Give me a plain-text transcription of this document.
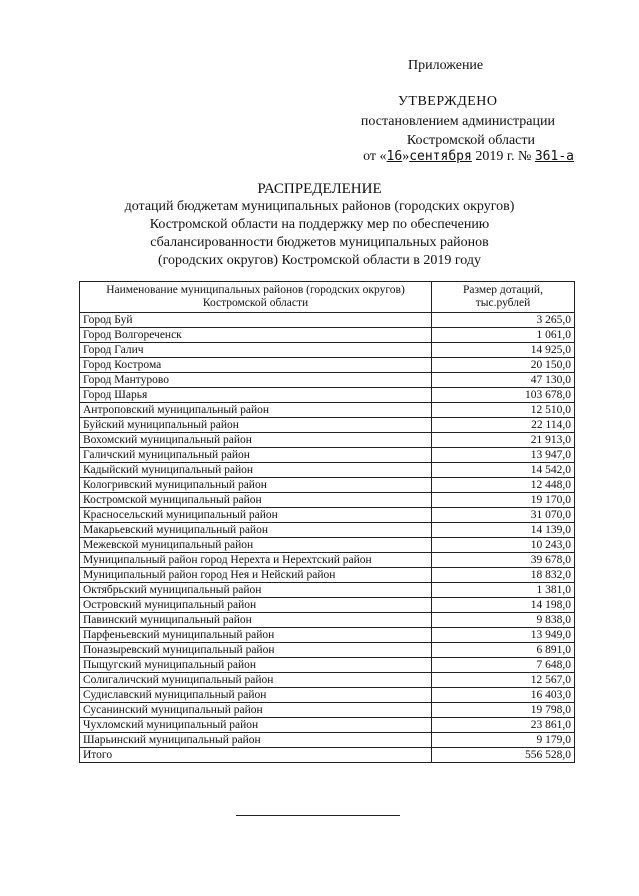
Приложение
УТВЕРЖДЕНО
постановлением администрации
Костромской области
от «16»сентября 2019 г. № 361-а
РАСПРЕДЕЛЕНИЕ
дотаций бюджетам муниципальных районов (городских округов)
Костромской области на поддержку мер по обеспечению
сбалансированности бюджетов муниципальных районов
(городских округов) Костромской области в 2019 году
Наименование муниципальных районов (городских округов) Костромской области	Размер дотаций, тыс.рублей
Город Буй	3 265,0
Город Волгореченск	1 061,0
Город Галич	14 925,0
Город Кострома	20 150,0
Город Мантурово	47 130,0
Город Шарья	103 678,0
Антроповский муниципальный район	12 510,0
Буйский муниципальный район	22 114,0
Вохомский муниципальный район	21 913,0
Галичский муниципальный район	13 947,0
Кадыйский муниципальный район	14 542,0
Кологривский муниципальный район	12 448,0
Костромской муниципальный район	19 170,0
Красносельский муниципальный район	31 070,0
Макарьевский муниципальный район	14 139,0
Межевской муниципальный район	10 243,0
Муниципальный район город Нерехта и Нерехтский район	39 678,0
Муниципальный район город Нея и Нейский район	18 832,0
Октябрьский муниципальный район	1 381,0
Островский муниципальный район	14 198,0
Павинский муниципальный район	9 838,0
Парфеньевский муниципальный район	13 949,0
Поназыревский муниципальный район	6 891,0
Пыщугский муниципальный район	7 648,0
Солигаличский муниципальный район	12 567,0
Судиславский муниципальный район	16 403,0
Сусанинский муниципальный район	19 798,0
Чухломский муниципальный район	23 861,0
Шарьинский муниципальный район	9 179,0
Итого	556 528,0
